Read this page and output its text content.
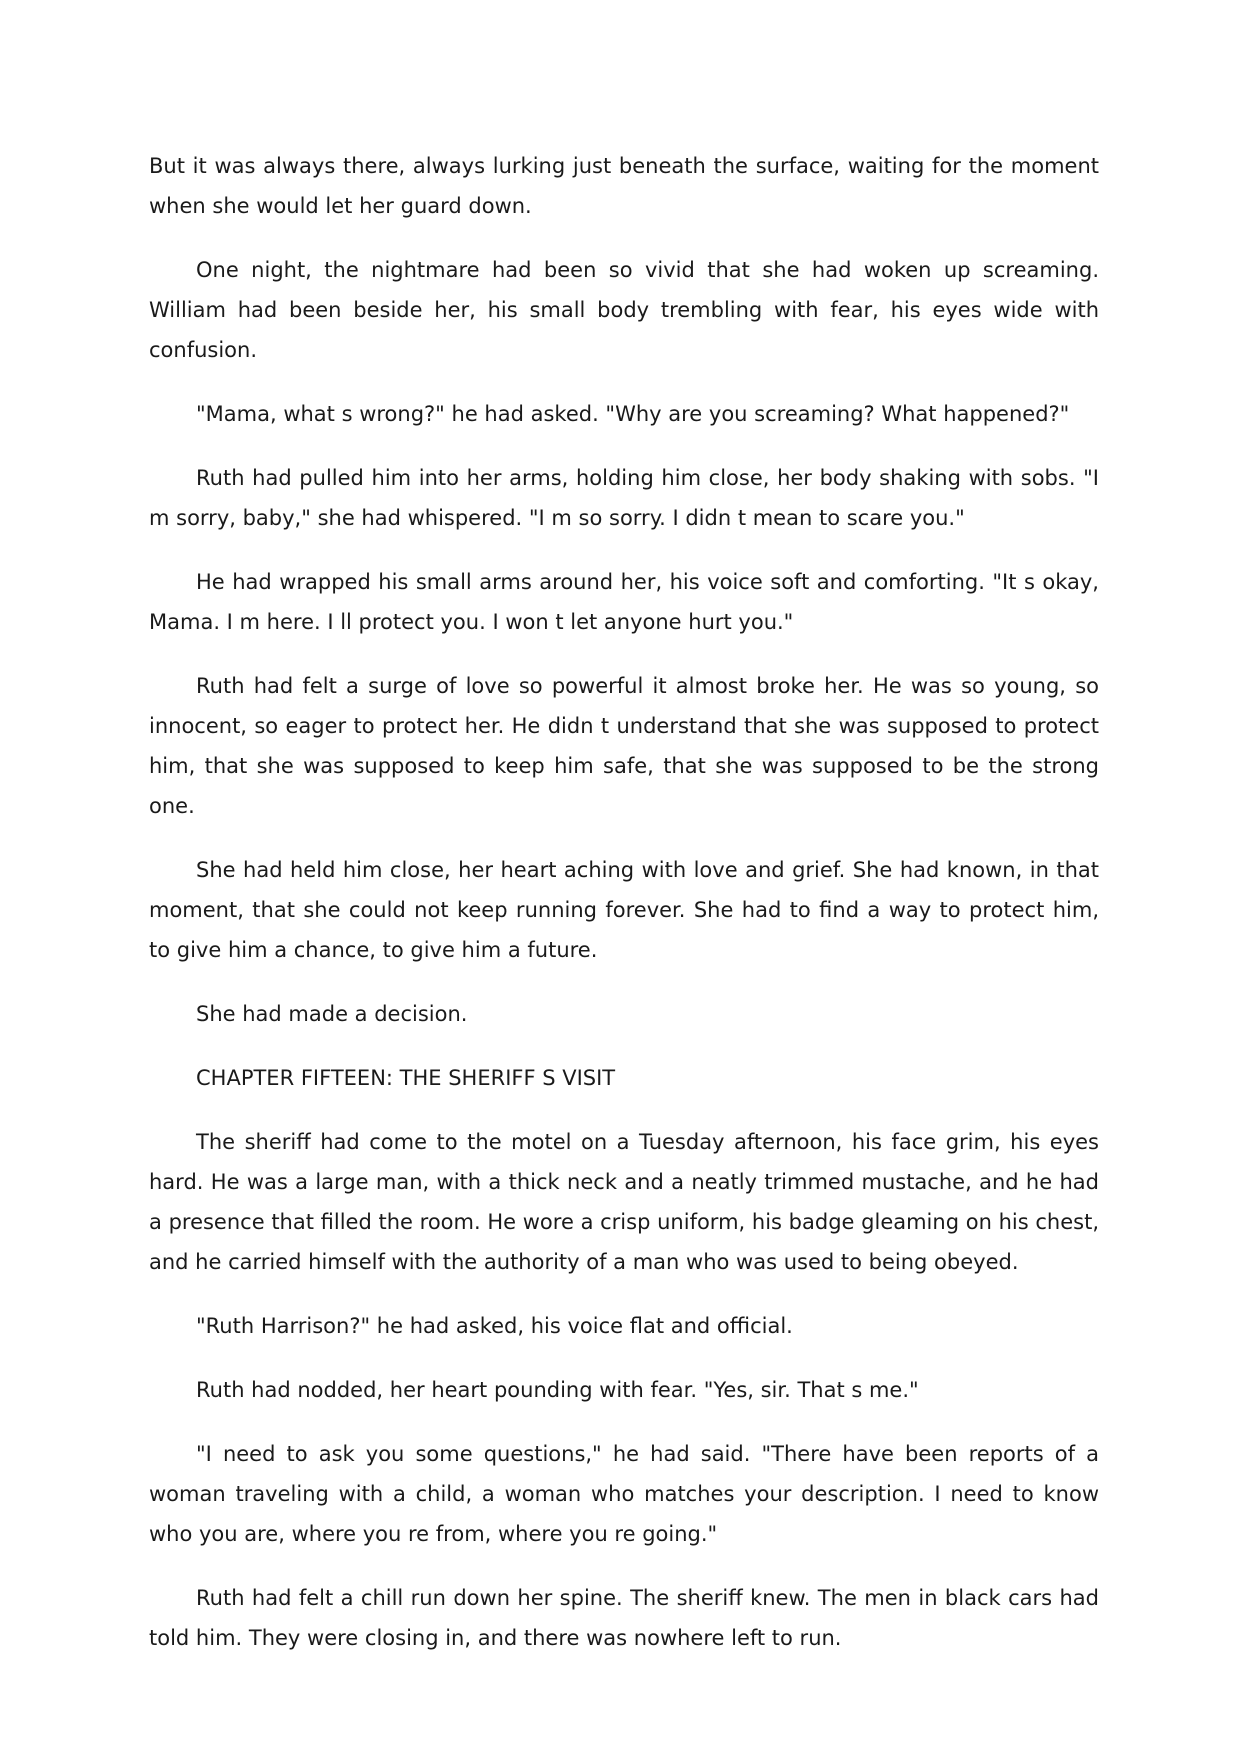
But it was always there, always lurking just beneath the surface, waiting for the moment when she would let her guard down.

One night, the nightmare had been so vivid that she had woken up screaming. William had been beside her, his small body trembling with fear, his eyes wide with confusion.

"Mama, what s wrong?" he had asked. "Why are you screaming? What happened?"

Ruth had pulled him into her arms, holding him close, her body shaking with sobs. "I m sorry, baby," she had whispered. "I m so sorry. I didn t mean to scare you."

He had wrapped his small arms around her, his voice soft and comforting. "It s okay, Mama. I m here. I ll protect you. I won t let anyone hurt you."

Ruth had felt a surge of love so powerful it almost broke her. He was so young, so innocent, so eager to protect her. He didn t understand that she was supposed to protect him, that she was supposed to keep him safe, that she was supposed to be the strong one.

She had held him close, her heart aching with love and grief. She had known, in that moment, that she could not keep running forever. She had to find a way to protect him, to give him a chance, to give him a future.

She had made a decision.

CHAPTER FIFTEEN: THE SHERIFF S VISIT

The sheriff had come to the motel on a Tuesday afternoon, his face grim, his eyes hard. He was a large man, with a thick neck and a neatly trimmed mustache, and he had a presence that filled the room. He wore a crisp uniform, his badge gleaming on his chest, and he carried himself with the authority of a man who was used to being obeyed.

"Ruth Harrison?" he had asked, his voice flat and official.

Ruth had nodded, her heart pounding with fear. "Yes, sir. That s me."

"I need to ask you some questions," he had said. "There have been reports of a woman traveling with a child, a woman who matches your description. I need to know who you are, where you re from, where you re going."

Ruth had felt a chill run down her spine. The sheriff knew. The men in black cars had told him. They were closing in, and there was nowhere left to run.
